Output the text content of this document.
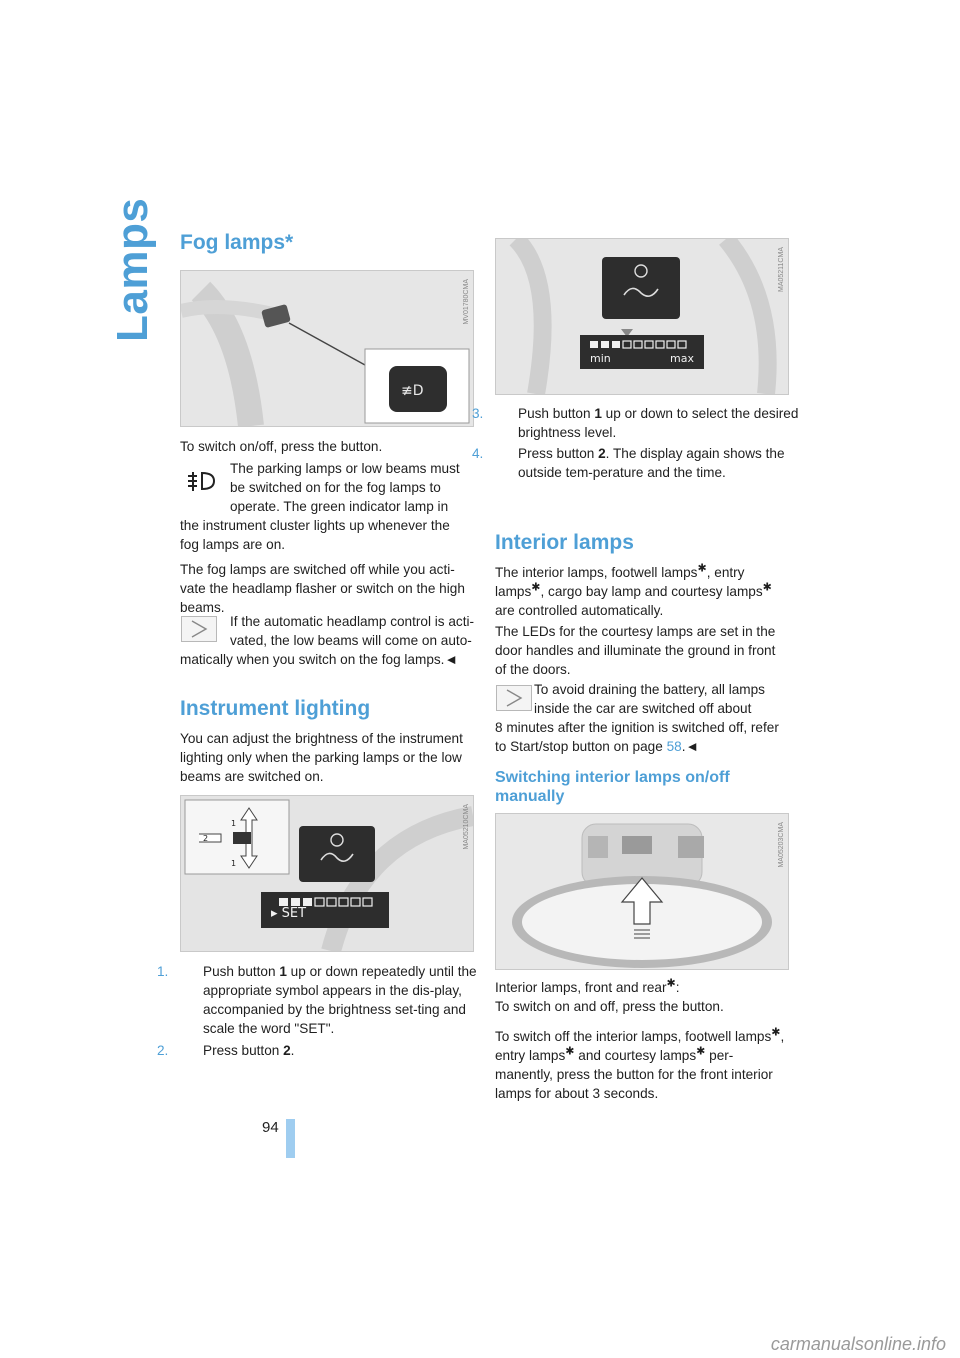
Lamps
94
Fog lamps*
≢D
MV01780CMA

To switch on/off, press the button.

The parking lamps or low beams must

be switched on for the fog lamps to

operate. The green indicator lamp in

the instrument cluster lights up whenever the fog lamps are on.

The fog lamps are switched off while you acti-vate the headlamp flasher or switch on the high beams.

If the automatic headlamp control is acti-

vated, the low beams will come on auto-

matically when you switch on the fog lamps.◄

Instrument lighting

You can adjust the brightness of the instrument lighting only when the parking lamps or the low beams are switched on.

2
1
1
▸ SET
MA05210CMA

1.	Push button 1 up or down repeatedly until the appropriate symbol appears in the dis-play, accompanied by the brightness set-ting and scale the word "SET".

2.	Press button 2.

min	max
MA05211CMA

3.	Push button 1 up or down to select the desired brightness level.

4.	Press button 2. The display again shows the outside tem-perature and the time.

Interior lamps

The interior lamps, footwell lamps✱, entry lamps✱, cargo bay lamp and courtesy lamps✱ are controlled automatically.

The LEDs for the courtesy lamps are set in the door handles and illuminate the ground in front of the doors.

To avoid draining the battery, all lamps

inside the car are switched off about

8 minutes after the ignition is switched off, refer to Start/stop button on page 58.◄

Switching interior lamps on/off manually
MA05203CMA

Interior lamps, front and rear✱:

To switch on and off, press the button.

To switch off the interior lamps, footwell lamps✱, entry lamps✱ and courtesy lamps✱ per-manently, press the button for the front interior lamps for about 3 seconds.

carmanualsonline.info
